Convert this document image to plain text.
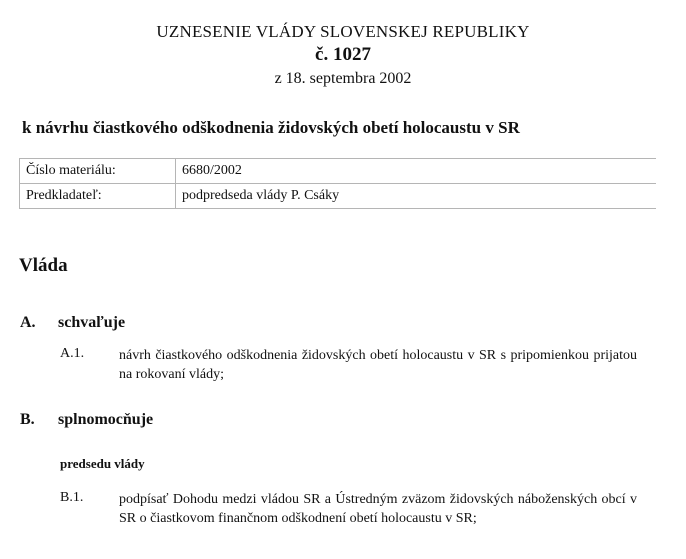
UZNESENIE VLÁDY SLOVENSKEJ REPUBLIKY
č. 1027
z 18. septembra 2002
k návrhu čiastkového odškodnenia židovských obetí holocaustu v SR
Číslo materiálu:	6680/2002
Predkladateľ:	podpredseda vlády P. Csáky
Vláda
A. schvaľuje
A.1. návrh čiastkového odškodnenia židovských obetí holocaustu v SR s pripomienkou prijatou na rokovaní vlády;
B. splnomocňuje
predsedu vlády
B.1.	podpísať Dohodu medzi vládou SR a Ústredným zväzom židovských náboženských obcí v SR o čiastkovom finančnom odškodnení obetí holocaustu v SR;
